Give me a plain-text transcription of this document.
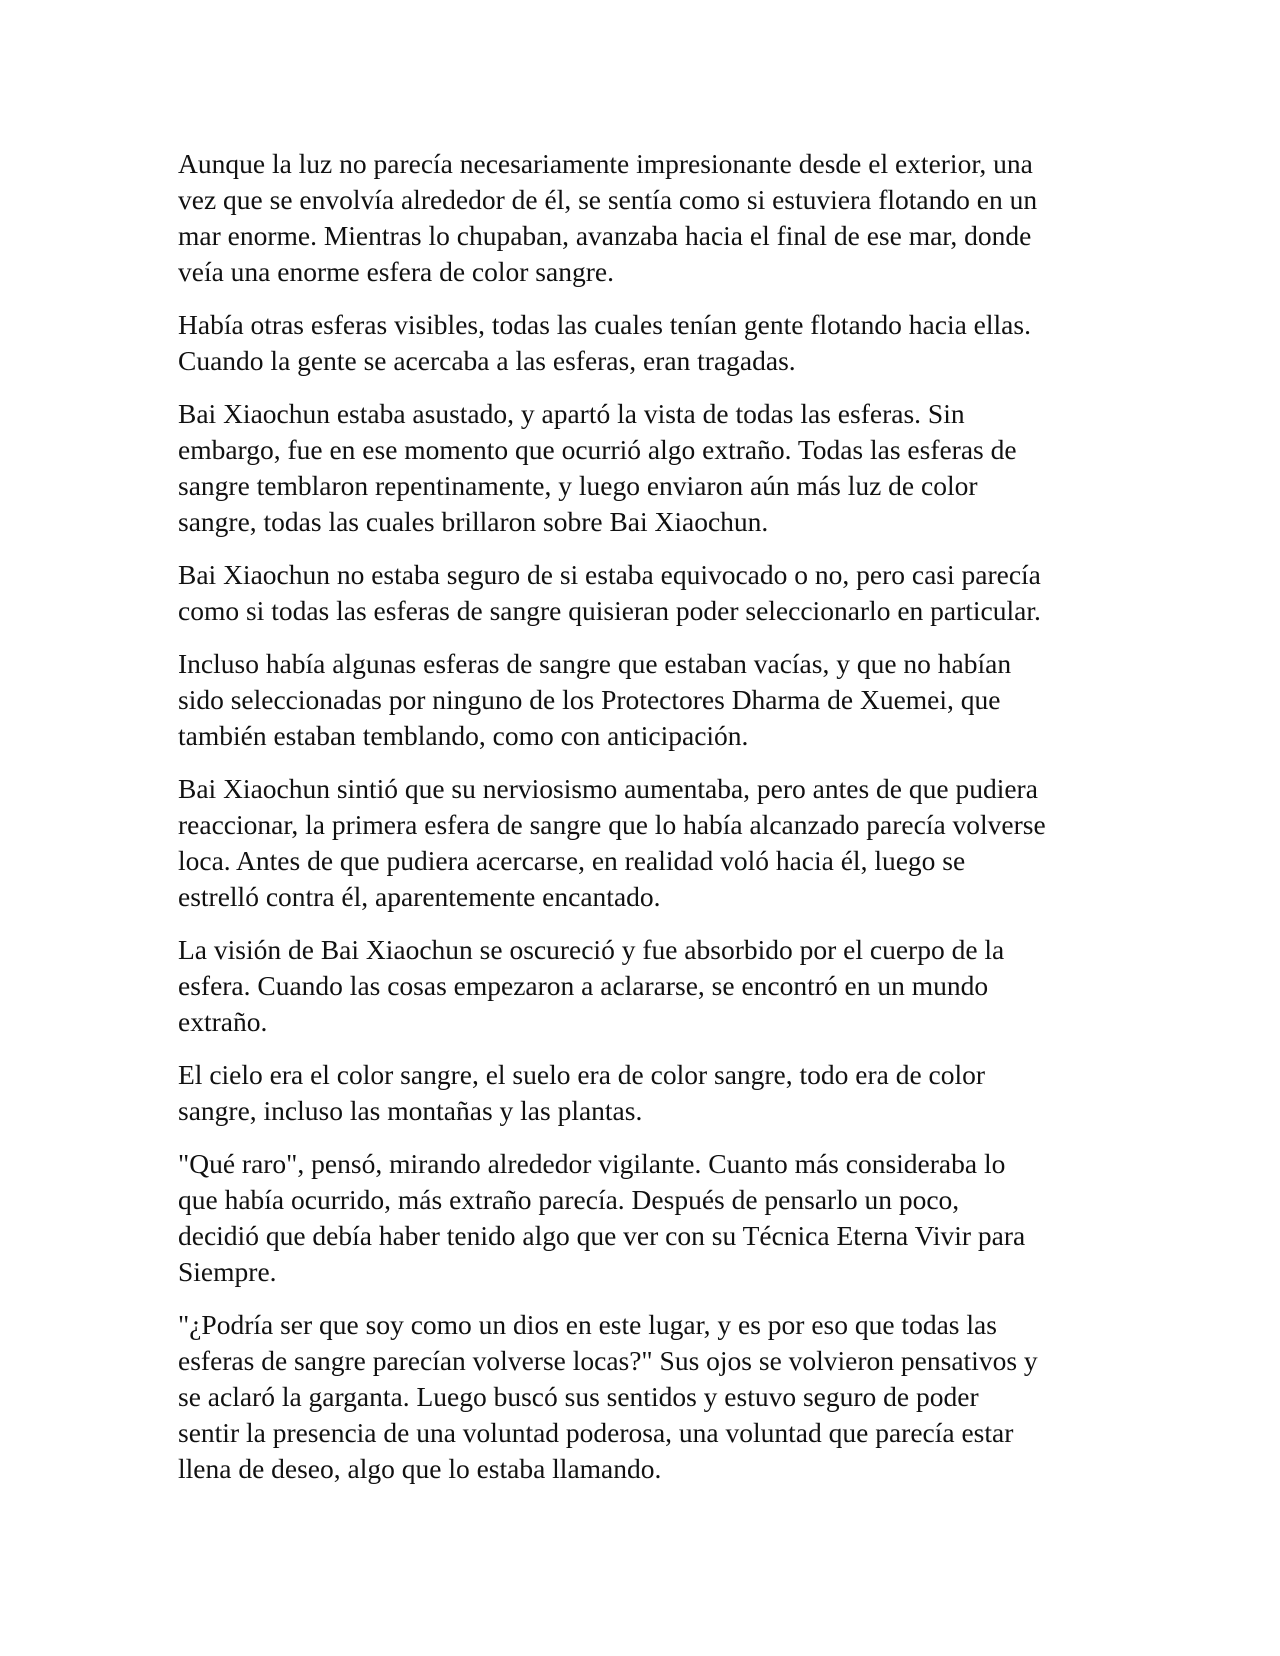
Aunque la luz no parecía necesariamente impresionante desde el exterior, una
vez que se envolvía alrededor de él, se sentía como si estuviera flotando en un
mar enorme. Mientras lo chupaban, avanzaba hacia el final de ese mar, donde
veía una enorme esfera de color sangre.

Había otras esferas visibles, todas las cuales tenían gente flotando hacia ellas.
Cuando la gente se acercaba a las esferas, eran tragadas.

Bai Xiaochun estaba asustado, y apartó la vista de todas las esferas. Sin
embargo, fue en ese momento que ocurrió algo extraño. Todas las esferas de
sangre temblaron repentinamente, y luego enviaron aún más luz de color
sangre, todas las cuales brillaron sobre Bai Xiaochun.

Bai Xiaochun no estaba seguro de si estaba equivocado o no, pero casi parecía
como si todas las esferas de sangre quisieran poder seleccionarlo en particular.

Incluso había algunas esferas de sangre que estaban vacías, y que no habían
sido seleccionadas por ninguno de los Protectores Dharma de Xuemei, que
también estaban temblando, como con anticipación.

Bai Xiaochun sintió que su nerviosismo aumentaba, pero antes de que pudiera
reaccionar, la primera esfera de sangre que lo había alcanzado parecía volverse
loca. Antes de que pudiera acercarse, en realidad voló hacia él, luego se
estrelló contra él, aparentemente encantado.

La visión de Bai Xiaochun se oscureció y fue absorbido por el cuerpo de la
esfera. Cuando las cosas empezaron a aclararse, se encontró en un mundo
extraño.

El cielo era el color sangre, el suelo era de color sangre, todo era de color
sangre, incluso las montañas y las plantas.

"Qué raro", pensó, mirando alrededor vigilante. Cuanto más consideraba lo
que había ocurrido, más extraño parecía. Después de pensarlo un poco,
decidió que debía haber tenido algo que ver con su Técnica Eterna Vivir para
Siempre.

"¿Podría ser que soy como un dios en este lugar, y es por eso que todas las
esferas de sangre parecían volverse locas?" Sus ojos se volvieron pensativos y
se aclaró la garganta. Luego buscó sus sentidos y estuvo seguro de poder
sentir la presencia de una voluntad poderosa, una voluntad que parecía estar
llena de deseo, algo que lo estaba llamando.
